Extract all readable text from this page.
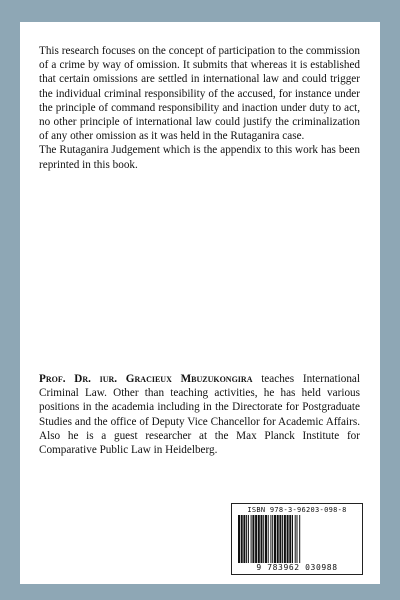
This research focuses on the concept of participation to the commission of a crime by way of omission. It submits that whereas it is established that certain omissions are settled in international law and could trigger the individual criminal responsibility of the accused, for instance under the principle of command responsibility and inaction under duty to act, no other principle of international law could justify the criminalization of any other omission as it was held in the Rutaganira case.

The Rutaganira Judgement which is the appendix to this work has been reprinted in this book.

Prof. Dr. iur. Gracieux Mbuzukongira teaches International Criminal Law. Other than teaching activities, he has held various positions in the academia including in the Directorate for Postgraduate Studies and the office of Deputy Vice Chancellor for Academic Affairs. Also he is a guest researcher at the Max Planck Institute for Comparative Public Law in Heidelberg.

ISBN 978-3-96203-098-8
9 783962 030988
